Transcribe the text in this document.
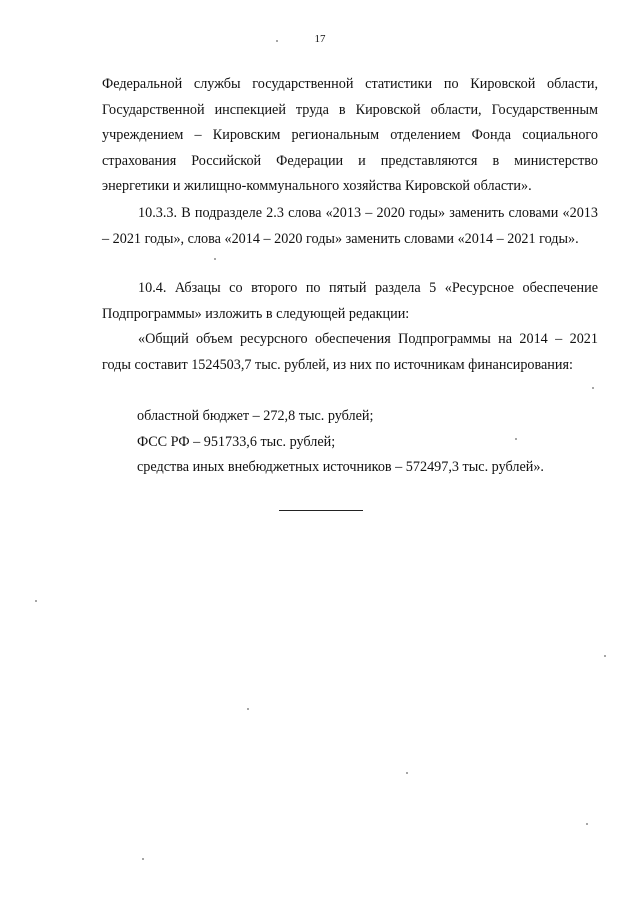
17

Федеральной службы государственной статистики по Кировской области, Государственной инспекцией труда в Кировской области, Государственным учреждением – Кировским региональным отделением Фонда социального страхования Российской Федерации и представляются в министерство энергетики и жилищно-коммунального хозяйства Кировской области».

10.3.3. В подразделе 2.3 слова «2013 – 2020 годы» заменить словами «2013 – 2021 годы», слова «2014 – 2020 годы» заменить словами «2014 – 2021 годы».

10.4. Абзацы со второго по пятый раздела 5 «Ресурсное обеспечение Подпрограммы» изложить в следующей редакции:

«Общий объем ресурсного обеспечения Подпрограммы на 2014 – 2021 годы составит 1524503,7 тыс. рублей, из них по источникам финансирования:

областной бюджет – 272,8 тыс. рублей;
ФСС РФ – 951733,6 тыс. рублей;
средства иных внебюджетных источников – 572497,3 тыс. рублей».
